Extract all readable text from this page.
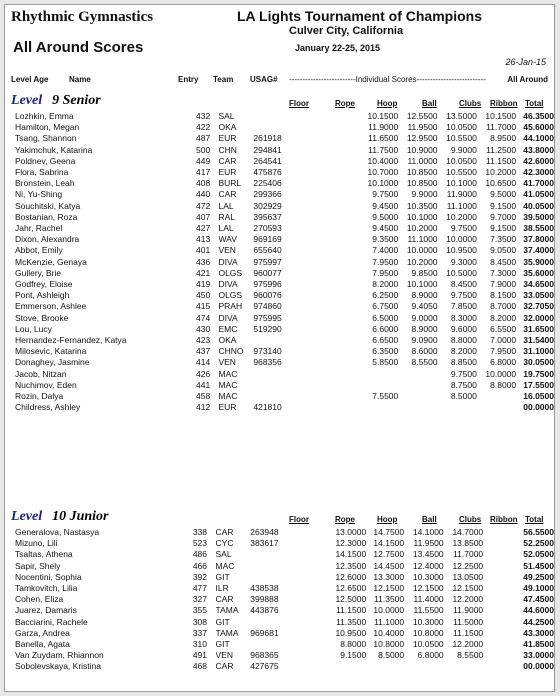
Rhythmic Gymnastics	LA Lights Tournament of Champions
Culver City, California
All Around Scores	January 22-25, 2015
26-Jan-15
Level Age	Name	Entry Team USAG# -------------------------Individual Scores--------------------------	All Around
Level 9 Senior	Floor	Rope	Hoop	Ball	Clubs Ribbon Total
Lozhkin, Emma	432	SAL				10.1500	12.5500	13.5000	10.1500	46.3500
Hamilton, Megan	422	OKA				11.9000	11.9500	10.0500	11.7000	45.6000
Tsang, Shannon	487	EUR	261918			11.6500	12.9500	10.5500	8.9500	44.1000
Yakimchuk, Katarina	500	CHN	294841			11.7500	10.9000	9.9000	11.2500	43.8000
Poldnev, Geena	449	CAR	264541			10.4000	11.0000	10.0500	11.1500	42.6000
Flora, Sabrina	417	EUR	475876			10.7000	10.8500	10.5500	10.2000	42.3000
Bronstein, Leah	408	BURL	225406			10.1000	10.8500	10.1000	10.6500	41.7000
Ni, Yu-Shing	440	CAR	299366			9.7500	9.9000	11.9000	9.5000	41.0500
Souchitski, Katya	472	LAL	302929			9.4500	10.3500	11.1000	9.1500	40.0500
Bostanian, Roza	407	RAL	395637			9.5000	10.1000	10.2000	9.7000	39.5000
Jahr, Rachel	427	LAL	270593			9.4500	10.2000	9.7500	9.1500	38.5500
Dixon, Alexandra	413	WAV	969169			9.3500	11.1000	10.0000	7.3500	37.8000
Abbot, Emily	401	VEN	655640			7.4000	10.0000	10.9500	9.0500	37.4000
McKenzie, Genaya	436	DIVA	975997			7.9500	10.2000	9.3000	8.4500	35.9000
Gullery, Brie	421	OLGS	960077			7.9500	9.8500	10.5000	7.3000	35.6000
Godfrey, Eloise	419	DIVA	975996			8.2000	10.1000	8.4500	7.9000	34.6500
Pont, Ashleigh	450	OLGS	960076			6.2500	8.9000	9.7500	8.1500	33.0500
Emmerson, Ashlee	415	PRAH	974860			6.7500	9.4050	7.8500	8.7000	32.7050
Stove, Brooke	474	DIVA	975995			6.5000	9.0000	8.3000	8.2000	32.0000
Lou, Lucy	430	EMC	519290			6.6000	8.9000	9.6000	6.5500	31.6500
Hernandez-Fernandez, Katya	423	OKA				6.6500	9.0900	8.8000	7.0000	31.5400
Milosevic, Katarina	437	CHNO	973140			6.3500	8.6000	8.2000	7.9500	31.1000
Donaghey, Jasmine	414	VEN	968356			5.8500	8.5500	8.8500	6.8000	30.0500
Jacob, Nitzan	426	MAC						9.7500	10.0000	19.7500
Nuchimov, Eden	441	MAC						8.7500	8.8000	17.5500
Rozin, Dalya	458	MAC				7.5500		8.5000		16.0500
Childress, Ashley	412	EUR	421810							00.0000
Level 10 Junior	Floor	Rope	Hoop	Ball	Clubs Ribbon Total
Generalova, Nastasya	338	CAR	263948		13.0000	14.7500	14.1000	14.7000		56.5500
Mizuno, Lili	523	CYC	383617		12.3000	14.1500	11.9500	13.8500		52.2500
Tsaltas, Athena	486	SAL			14.1500	12.7500	13.4500	11.7000		52.0500
Sapir, Shely	466	MAC			12.3500	14.4500	12.4000	12.2500		51.4500
Nocentini, Sophia	392	GIT			12.6000	13.3000	10.3000	13.0500		49.2500
Tamkovitch, Lilia	477	ILR	438538		12.6500	12.1500	12.1500	12.1500		49.1000
Cohen, Eliza	327	CAR	399888		12.5000	11.3500	11.4000	12.2000		47.4500
Juarez, Damaris	355	TAMA	443876		11.1500	10.0000	11.5500	11.9000		44.6000
Bacciarini, Rachele	308	GIT			11.3500	11.1000	10.3000	11.5000		44.2500
Garza, Andrea	337	TAMA	969681		10.9500	10.4000	10.8000	11.1500		43.3000
Banella, Agata	310	GIT			8.8000	10.8000	10.0500	12.2000		41.8500
Van Zuydam, Rhiannon	491	VEN	968365		9.1500	8.5000	6.8000	8.5500		33.0000
Sobolevskaya, Kristina	468	CAR	427675							00.0000
